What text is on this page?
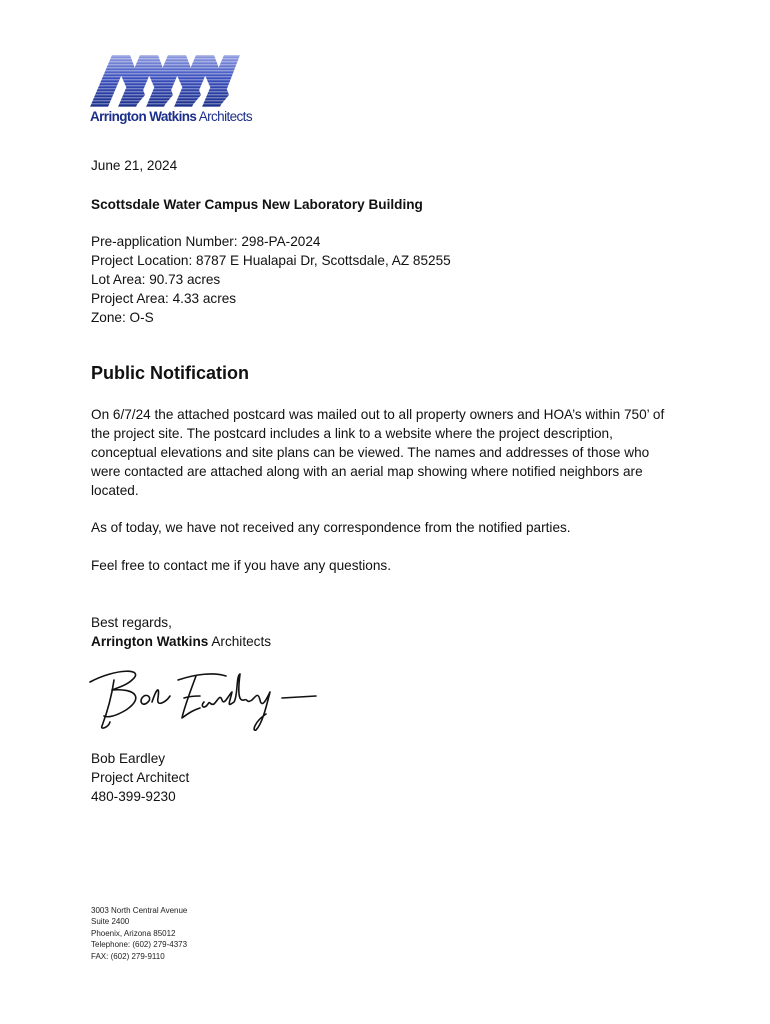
Arrington Watkins Architects
June 21, 2024
Scottsdale Water Campus New Laboratory Building
Pre-application Number: 298-PA-2024
Project Location: 8787 E Hualapai Dr, Scottsdale, AZ 85255
Lot Area: 90.73 acres
Project Area: 4.33 acres
Zone: O-S
Public Notification
On 6/7/24 the attached postcard was mailed out to all property owners and HOA’s within 750’ of the project site. The postcard includes a link to a website where the project description, conceptual elevations and site plans can be viewed. The names and addresses of those who were contacted are attached along with an aerial map showing where notified neighbors are located.
As of today, we have not received any correspondence from the notified parties.
Feel free to contact me if you have any questions.
Best regards,
Arrington Watkins Architects
Bob Eardley
Project Architect
480-399-9230
3003 North Central Avenue
Suite 2400
Phoenix, Arizona 85012
Telephone: (602) 279-4373
FAX: (602) 279-9110
